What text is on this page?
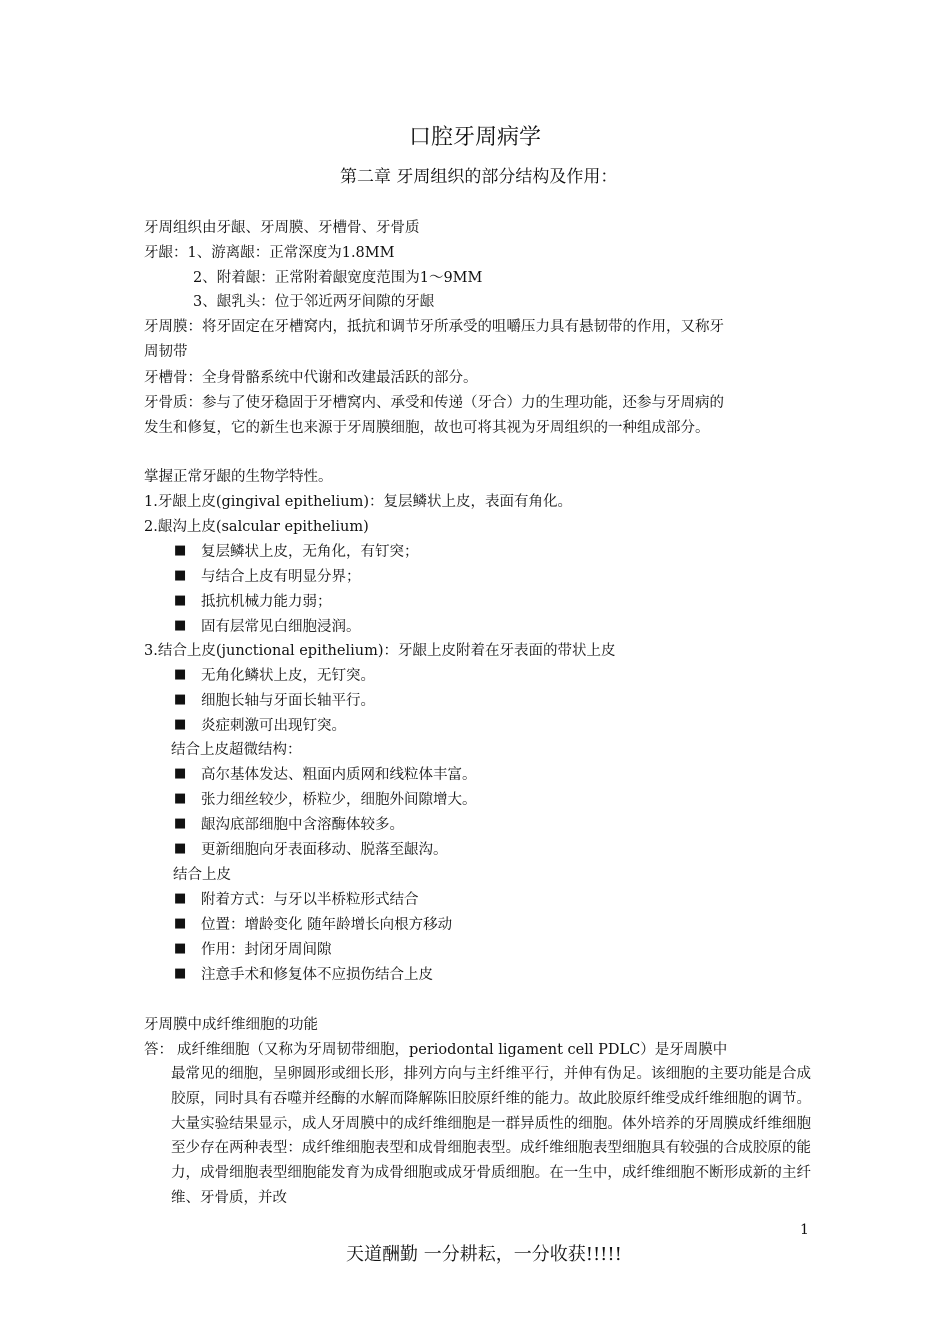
口腔牙周病学
第二章 牙周组织的部分结构及作用：
牙周组织由牙龈、牙周膜、牙槽骨、牙骨质
牙龈：1、游离龈：正常深度为1.8MM
2、附着龈：正常附着龈宽度范围为1～9MM
3、龈乳头：位于邻近两牙间隙的牙龈
牙周膜：将牙固定在牙槽窝内，抵抗和调节牙所承受的咀嚼压力具有悬韧带的作用，又称牙
周韧带
牙槽骨：全身骨骼系统中代谢和改建最活跃的部分。
牙骨质：参与了使牙稳固于牙槽窝内、承受和传递（牙合）力的生理功能，还参与牙周病的
发生和修复，它的新生也来源于牙周膜细胞，故也可将其视为牙周组织的一种组成部分。
掌握正常牙龈的生物学特性。
1.牙龈上皮(gingival epithelium)：复层鳞状上皮，表面有角化。
2.龈沟上皮(salcular epithelium)
■ 复层鳞状上皮，无角化，有钉突；
■ 与结合上皮有明显分界；
■ 抵抗机械力能力弱；
■ 固有层常见白细胞浸润。
3.结合上皮(junctional epithelium)：牙龈上皮附着在牙表面的带状上皮
■ 无角化鳞状上皮，无钉突。
■ 细胞长轴与牙面长轴平行。
■ 炎症刺激可出现钉突。
结合上皮超微结构：
■ 高尔基体发达、粗面内质网和线粒体丰富。
■ 张力细丝较少，桥粒少，细胞外间隙增大。
■ 龈沟底部细胞中含溶酶体较多。
■ 更新细胞向牙表面移动、脱落至龈沟。
结合上皮
■ 附着方式：与牙以半桥粒形式结合
■ 位置：增龄变化 随年龄增长向根方移动
■ 作用：封闭牙周间隙
■ 注意手术和修复体不应损伤结合上皮
牙周膜中成纤维细胞的功能
答： 成纤维细胞（又称为牙周韧带细胞，periodontal ligament cell PDLC）是牙周膜中
最常见的细胞，呈卵圆形或细长形，排列方向与主纤维平行，并伸有伪足。该细胞的主要功能是合成胶原，同时具有吞噬并经酶的水解而降解陈旧胶原纤维的能力。故此胶原纤维受成纤维细胞的调节。大量实验结果显示，成人牙周膜中的成纤维细胞是一群异质性的细胞。体外培养的牙周膜成纤维细胞至少存在两种表型：成纤维细胞表型和成骨细胞表型。成纤维细胞表型细胞具有较强的合成胶原的能力，成骨细胞表型细胞能发育为成骨细胞或成牙骨质细胞。在一生中，成纤维细胞不断形成新的主纤维、牙骨质，并改
1
天道酬勤 一分耕耘，一分收获!!!!!
